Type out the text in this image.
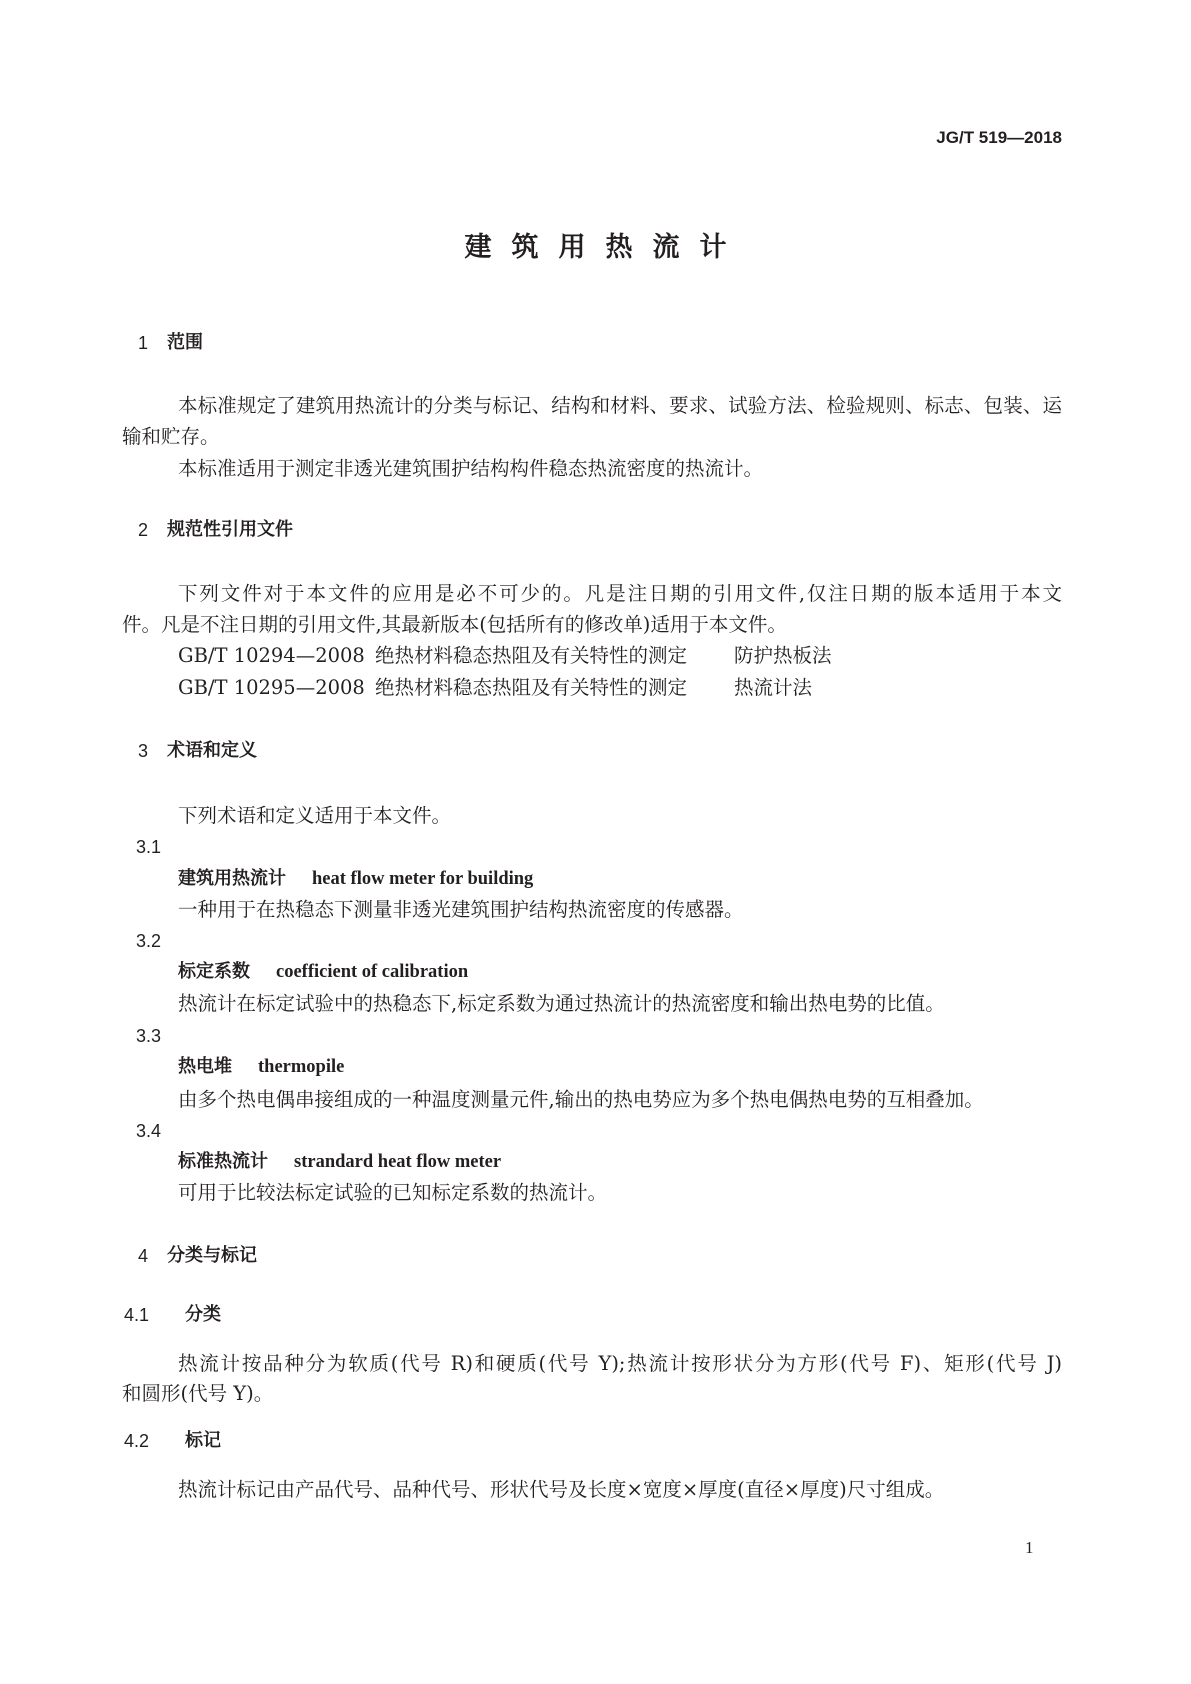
JG/T 519—2018
建筑用热流计
1 范围
本标准规定了建筑用热流计的分类与标记、结构和材料、要求、试验方法、检验规则、标志、包装、运
输和贮存。
本标准适用于测定非透光建筑围护结构构件稳态热流密度的热流计。
2 规范性引用文件
下列文件对于本文件的应用是必不可少的。凡是注日期的引用文件,仅注日期的版本适用于本文
件。凡是不注日期的引用文件,其最新版本(包括所有的修改单)适用于本文件。
GB/T 10294—2008 绝热材料稳态热阻及有关特性的测定 防护热板法
GB/T 10295—2008 绝热材料稳态热阻及有关特性的测定 热流计法
3 术语和定义
下列术语和定义适用于本文件。
3.1
建筑用热流计 heat flow meter for building
一种用于在热稳态下测量非透光建筑围护结构热流密度的传感器。
3.2
标定系数 coefficient of calibration
热流计在标定试验中的热稳态下,标定系数为通过热流计的热流密度和输出热电势的比值。
3.3
热电堆 thermopile
由多个热电偶串接组成的一种温度测量元件,输出的热电势应为多个热电偶热电势的互相叠加。
3.4
标准热流计 strandard heat flow meter
可用于比较法标定试验的已知标定系数的热流计。
4 分类与标记
4.1 分类
热流计按品种分为软质(代号 R)和硬质(代号 Y);热流计按形状分为方形(代号 F)、矩形(代号 J)
和圆形(代号 Y)。
4.2 标记
热流计标记由产品代号、品种代号、形状代号及长度×宽度×厚度(直径×厚度)尺寸组成。
1
